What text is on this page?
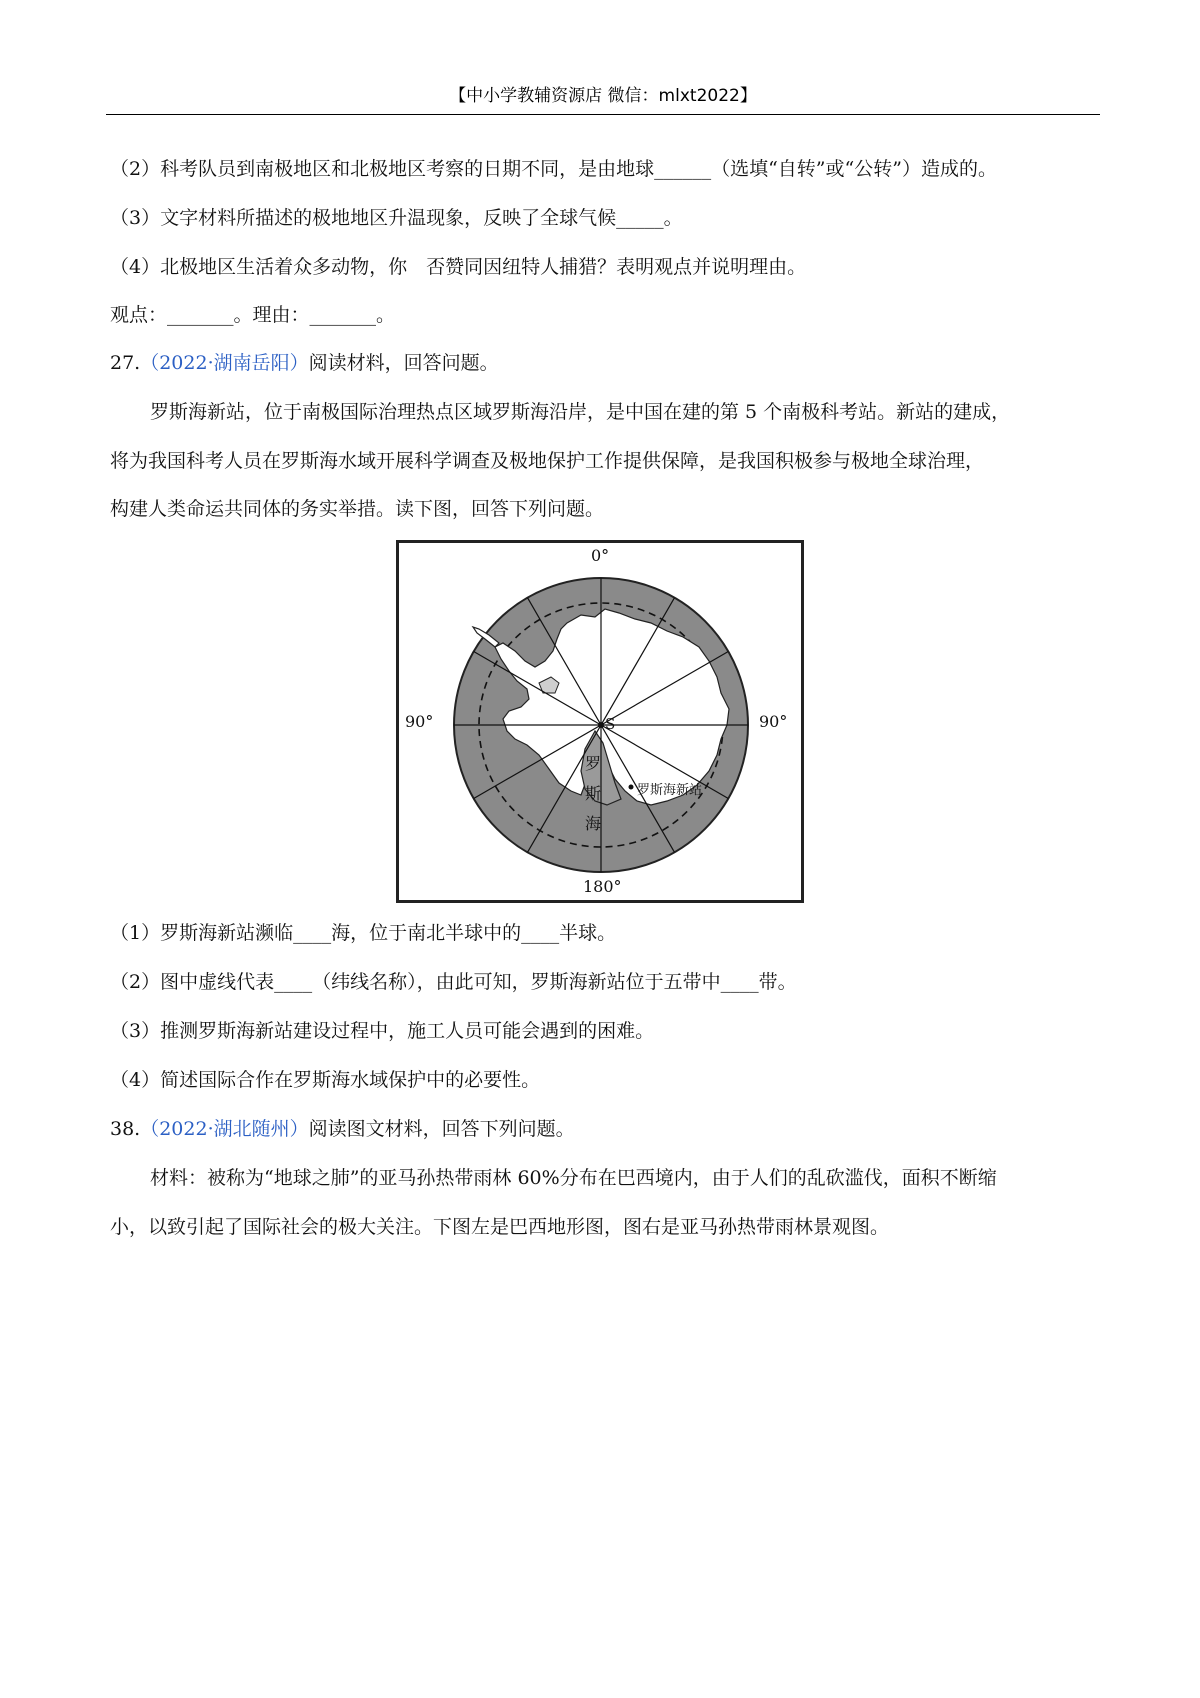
【中小学教辅资源店 微信：mlxt2022】
（2）科考队员到南极地区和北极地区考察的日期不同，是由地球______（选填“自转”或“公转”）造成的。
（3）文字材料所描述的极地地区升温现象，反映了全球气候_____。
（4）北极地区生活着众多动物，你　否赞同因纽特人捕猎？表明观点并说明理由。
观点：_______。理由：_______。
27.（2022·湖南岳阳）阅读材料，回答问题。
罗斯海新站，位于南极国际治理热点区域罗斯海沿岸，是中国在建的第 5 个南极科考站。新站的建成，
将为我国科考人员在罗斯海水域开展科学调查及极地保护工作提供保障，是我国积极参与极地全球治理，
构建人类命运共同体的务实举措。读下图，回答下列问题。
0°
90°	90°
180°
S
罗
斯
海
罗斯海新站
（1）罗斯海新站濒临____海，位于南北半球中的____半球。
（2）图中虚线代表____（纬线名称），由此可知，罗斯海新站位于五带中____带。
（3）推测罗斯海新站建设过程中，施工人员可能会遇到的困难。
（4）简述国际合作在罗斯海水域保护中的必要性。
38.（2022·湖北随州）阅读图文材料，回答下列问题。
材料：被称为“地球之肺”的亚马孙热带雨林 60%分布在巴西境内，由于人们的乱砍滥伐，面积不断缩
小，以致引起了国际社会的极大关注。下图左是巴西地形图，图右是亚马孙热带雨林景观图。
